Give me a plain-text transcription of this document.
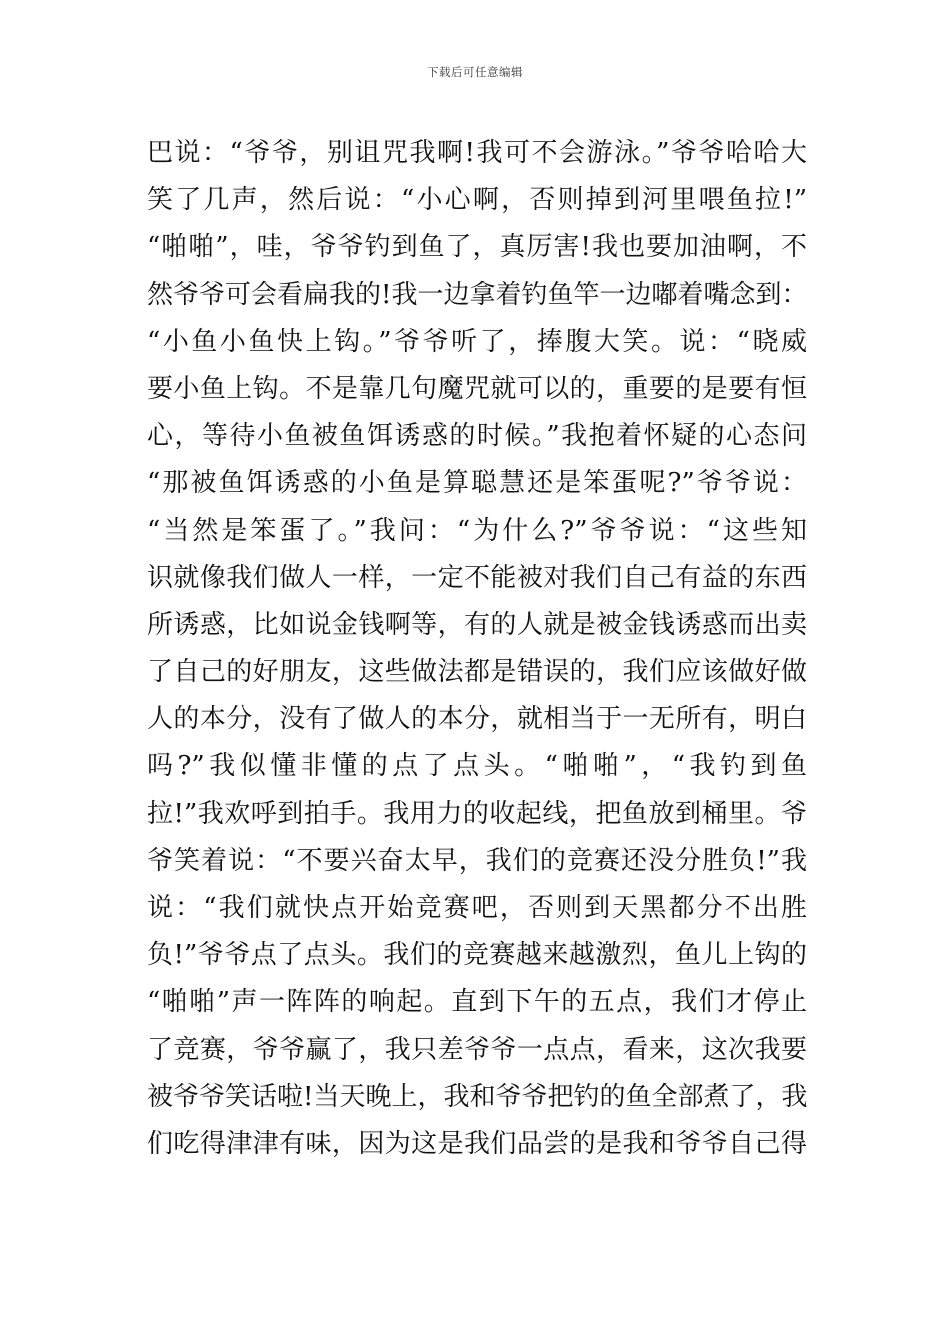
下载后可任意编辑
巴说：“爷爷，别诅咒我啊!我可不会游泳。”爷爷哈哈大
笑了几声，然后说：“小心啊，否则掉到河里喂鱼拉!”
“啪啪”，哇，爷爷钓到鱼了，真厉害!我也要加油啊，不
然爷爷可会看扁我的!我一边拿着钓鱼竿一边嘟着嘴念到：
“小鱼小鱼快上钩。”爷爷听了，捧腹大笑。说：“晓威
要小鱼上钩。不是靠几句魔咒就可以的，重要的是要有恒
心，等待小鱼被鱼饵诱惑的时候。”我抱着怀疑的心态问
“那被鱼饵诱惑的小鱼是算聪慧还是笨蛋呢?”爷爷说：
“当然是笨蛋了。”我问：“为什么?”爷爷说：“这些知
识就像我们做人一样，一定不能被对我们自己有益的东西
所诱惑，比如说金钱啊等，有的人就是被金钱诱惑而出卖
了自己的好朋友，这些做法都是错误的，我们应该做好做
人的本分，没有了做人的本分，就相当于一无所有，明白
吗?”我似懂非懂的点了点头。“啪啪”，“我钓到鱼
拉!”我欢呼到拍手。我用力的收起线，把鱼放到桶里。爷
爷笑着说：“不要兴奋太早，我们的竞赛还没分胜负!”我
说：“我们就快点开始竞赛吧，否则到天黑都分不出胜
负!”爷爷点了点头。我们的竞赛越来越激烈，鱼儿上钩的
“啪啪”声一阵阵的响起。直到下午的五点，我们才停止
了竞赛，爷爷赢了，我只差爷爷一点点，看来，这次我要
被爷爷笑话啦!当天晚上，我和爷爷把钓的鱼全部煮了，我
们吃得津津有味，因为这是我们品尝的是我和爷爷自己得
